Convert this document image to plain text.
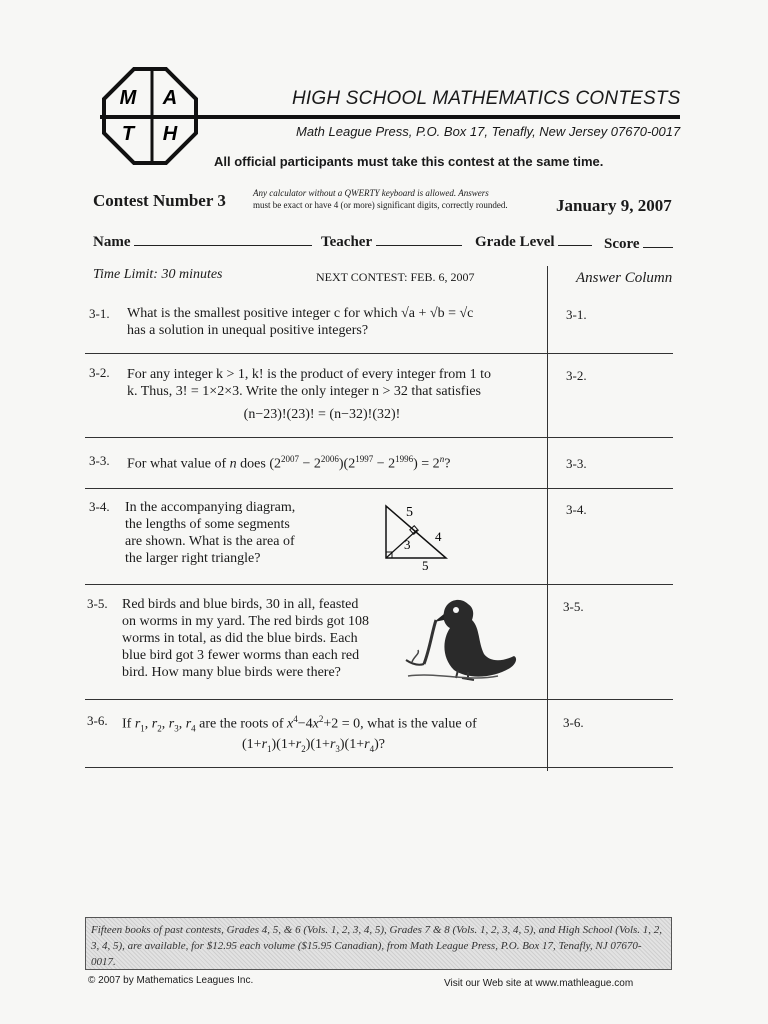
M A
T H
HIGH SCHOOL MATHEMATICS CONTESTS
Math League Press, P.O. Box 17, Tenafly, New Jersey 07670-0017
All official participants must take this contest at the same time.
Contest Number 3	Any calculator without a QWERTY keyboard is allowed. Answers
must be exact or have 4 (or more) significant digits, correctly rounded.	January 9, 2007
Name	Teacher	Grade Level	Score
Time Limit: 30 minutes	NEXT CONTEST: FEB. 6, 2007	Answer Column
3-1. What is the smallest positive integer c for which √a + √b = √c
has a solution in unequal positive integers?
3-1.
3-2. For any integer k > 1, k! is the product of every integer from 1 to
k. Thus, 3! = 1×2×3. Write the only integer n > 32 that satisfies
(n−23)!(23)! = (n−32)!(32)!
3-2.
3-3. For what value of n does $(2^{2007} - 2^{2006})(2^{1997} - 2^{1996}) = 2^n$?	3-3.
3-4. In the accompanying diagram,
the lengths of some segments
are shown. What is the area of
the larger right triangle?
5
3
4
5
3-4.
3-5. Red birds and blue birds, 30 in all, feasted
on worms in my yard. The red birds got 108
worms in total, as did the blue birds. Each
blue bird got 3 fewer worms than each red
bird. How many blue birds were there?
3-5.
3-6. If $r_1$, $r_2$, $r_3$, $r_4$ are the roots of $x^4-4x^2+2 = 0$, what is the value of
$(1+r_1)(1+r_2)(1+r_3)(1+r_4)$?
3-6.
Fifteen books of past contests, Grades 4, 5, & 6 (Vols. 1, 2, 3, 4, 5), Grades 7 & 8 (Vols. 1, 2, 3, 4, 5), and High School (Vols. 1, 2, 3, 4, 5), are available, for $12.95 each volume ($15.95 Canadian), from Math League Press, P.O. Box 17, Tenafly, NJ 07670-0017.
© 2007 by Mathematics Leagues Inc.	Visit our Web site at www.mathleague.com
